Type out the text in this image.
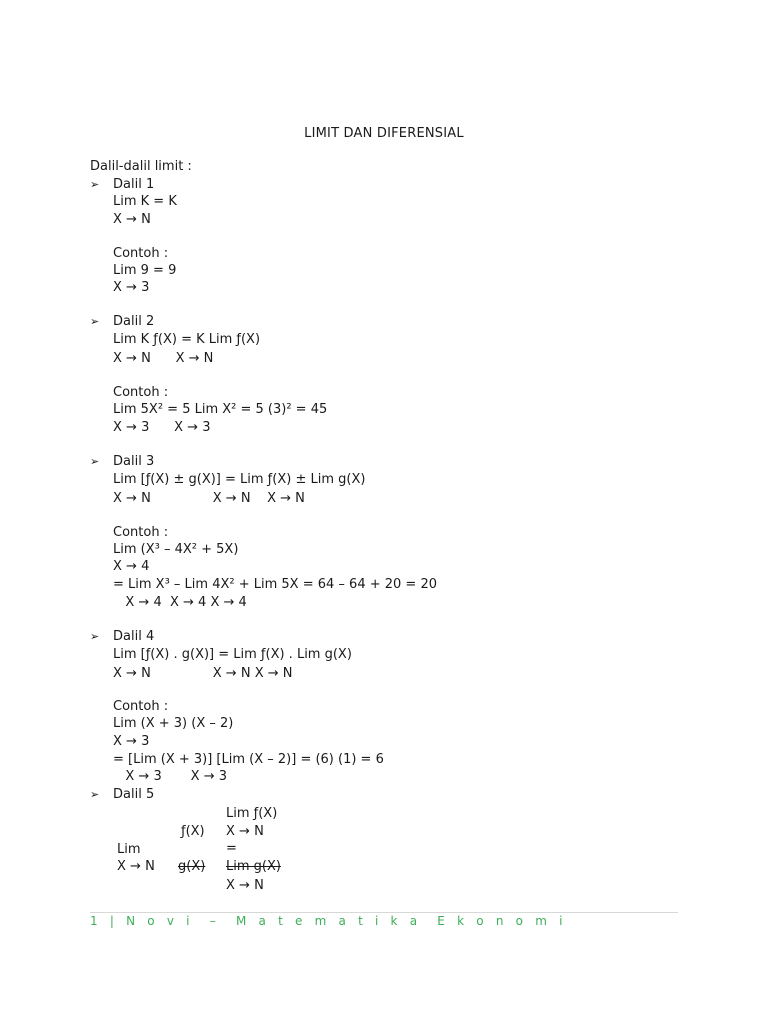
LIMIT DAN DIFERENSIAL
Dalil-dalil limit :
➢ Dalil 1
Lim K = K
X → N
Contoh :
Lim 9 = 9
X → 3
➢ Dalil 2
Lim K ƒ(X) = K Lim ƒ(X)
X → N      X → N
Contoh :
Lim 5X² = 5 Lim X² = 5 (3)² = 45
X → 3      X → 3
➢ Dalil 3
Lim [ƒ(X) ± g(X)] = Lim ƒ(X) ± Lim g(X)
X → N               X → N    X → N
Contoh :
Lim (X³ – 4X² + 5X)
X → 4
= Lim X³ – Lim 4X² + Lim 5X = 64 – 64 + 20 = 20
X → 4  X → 4 X → 4
➢ Dalil 4
Lim [ƒ(X) . g(X)] = Lim ƒ(X) . Lim g(X)
X → N               X → N X → N
Contoh :
Lim (X + 3) (X – 2)
X → 3
= [Lim (X + 3)] [Lim (X – 2)] = (6) (1) = 6
X → 3       X → 3
➢ Dalil 5
Lim ƒ(X)
ƒ(X) X → N
Lim	=
X → N g(X) Lim g(X)
X → N
1 | N o v i  –  M a t e m a t i k a  E k o n o m i
